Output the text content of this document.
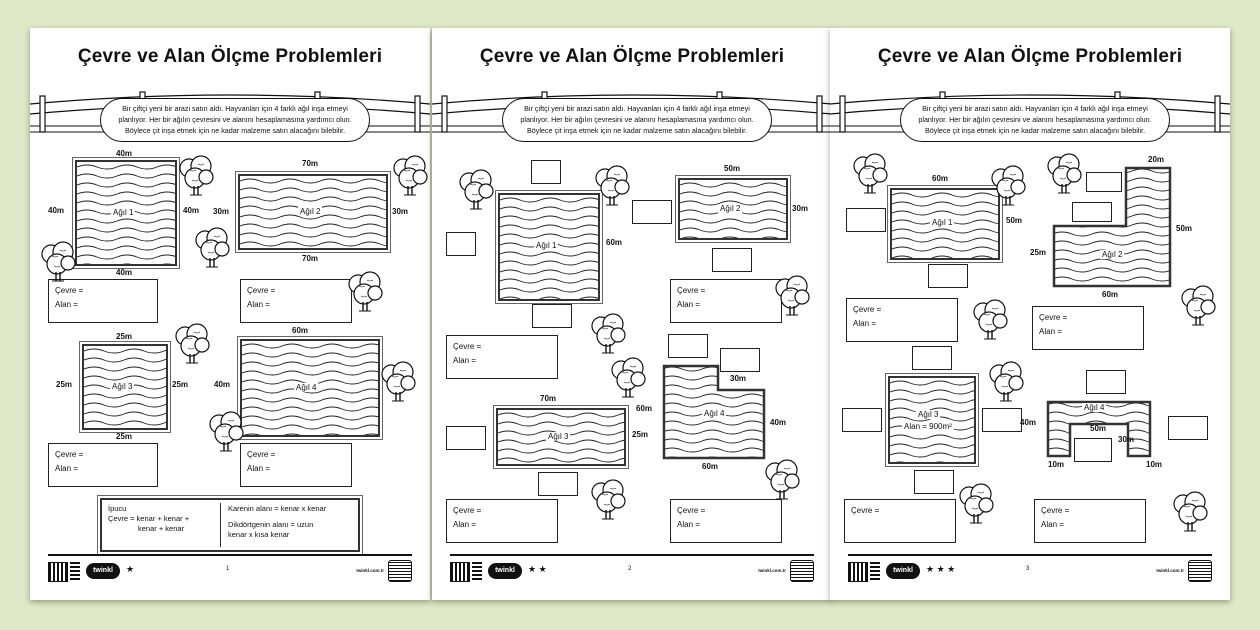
Çevre ve Alan Ölçme Problemleri
Bir çiftçi yeni bir arazi satın aldı. Hayvanları için 4 farklı ağıl inşa etmeyi
planlıyor. Her bir ağılın çevresini ve alanını hesaplamasına yardımcı olun.
Böylece çit inşa etmek için ne kadar malzeme satın alacağını bilebilir.
40m
Ağıl 1
40m	40m
40m
70m
Ağıl 2
30m	30m
70m
Çevre =
Alan =
Çevre =
Alan =
25m
Ağıl 3
25m	25m
25m
60m
Ağıl 4
40m
Çevre =
Alan =
Çevre =
Alan =
İpucu
Çevre = kenar + kenar +
kenar + kenar
Karenin alanı = kenar x kenar
Dikdörtgenin alanı = uzun
kenar x kısa kenar
twinkl	★	1	twinkl.com.tr
Çevre ve Alan Ölçme Problemleri
Bir çiftçi yeni bir arazi satın aldı. Hayvanları için 4 farklı ağıl inşa etmeyi
planlıyor. Her bir ağılın çevresini ve alanını hesaplamasına yardımcı olun.
Böylece çit inşa etmek için ne kadar malzeme satın alacağını bilebilir.
Ağıl 1	60m
50m
Ağıl 2	30m
Çevre =
Alan =
Çevre =
Alan =
70m
Ağıl 3	25m
Ağıl 4
30m
60m
40m
60m
Çevre =
Alan =
Çevre =
Alan =
twinkl	★ ★	2	twinkl.com.tr
Çevre ve Alan Ölçme Problemleri
Bir çiftçi yeni bir arazi satın aldı. Hayvanları için 4 farklı ağıl inşa etmeyi
planlıyor. Her bir ağılın çevresini ve alanını hesaplamasına yardımcı olun.
Böylece çit inşa etmek için ne kadar malzeme satın alacağını bilebilir.
60m
Ağıl 1	50m
20m
Ağıl 2
25m
50m
60m
Çevre =
Alan =
Çevre =
Alan =
Ağıl 3
Alan = 900m²
Ağıl 4
50m
30m
40m
10m	10m
Çevre =	Çevre =
Alan =
twinkl	★ ★ ★	3	twinkl.com.tr
